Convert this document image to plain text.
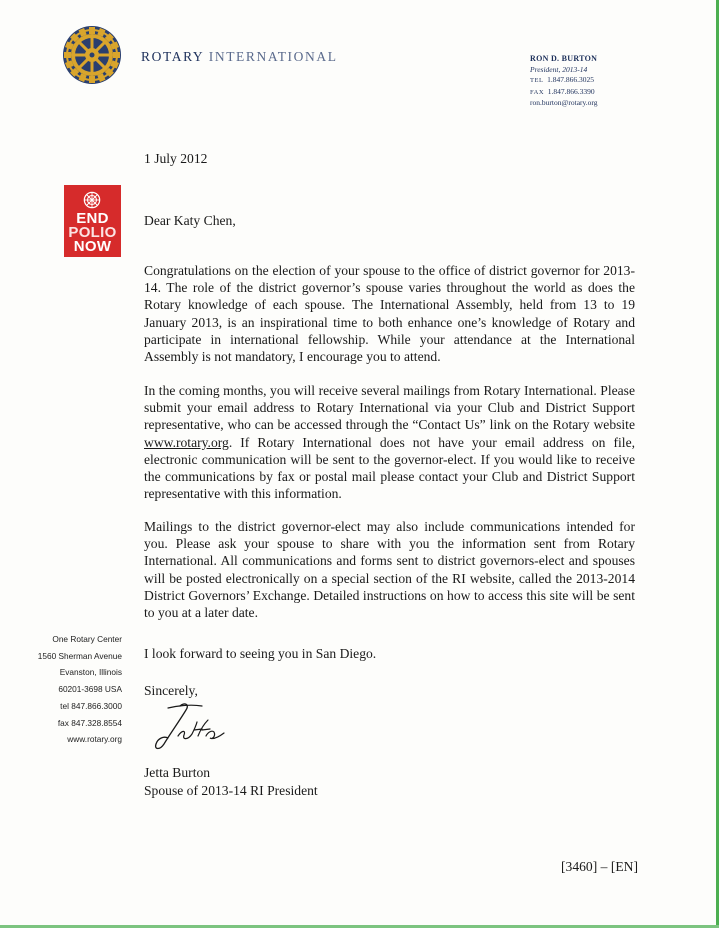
ROTARY INTERNATIONAL	RON D. BURTON
President, 2013-14
TEL 1.847.866.3025
FAX 1.847.866.3390
ron.burton@rotary.org
END
POLIO
NOW
1 July 2012
Dear Katy Chen,
Congratulations on the election of your spouse to the office of district governor for 2013-14. The role of the district governor’s spouse varies throughout the world as does the Rotary knowledge of each spouse. The International Assembly, held from 13 to 19 January 2013, is an inspirational time to both enhance one’s knowledge of Rotary and participate in international fellowship. While your attendance at the International Assembly is not mandatory, I encourage you to attend.
In the coming months, you will receive several mailings from Rotary International. Please submit your email address to Rotary International via your Club and District Support representative, who can be accessed through the “Contact Us” link on the Rotary website www.rotary.org. If Rotary International does not have your email address on file, electronic communication will be sent to the governor-elect. If you would like to receive the communications by fax or postal mail please contact your Club and District Support representative with this information.
Mailings to the district governor-elect may also include communications intended for you. Please ask your spouse to share with you the information sent from Rotary International. All communications and forms sent to district governors-elect and spouses will be posted electronically on a special section of the RI website, called the 2013-2014 District Governors’ Exchange. Detailed instructions on how to access this site will be sent to you at a later date.
I look forward to seeing you in San Diego.
Sincerely,
Jetta Burton
Spouse of 2013-14 RI President
One Rotary Center
1560 Sherman Avenue
Evanston, Illinois
60201-3698 USA
tel 847.866.3000
fax 847.328.8554
www.rotary.org
[3460] – [EN]
